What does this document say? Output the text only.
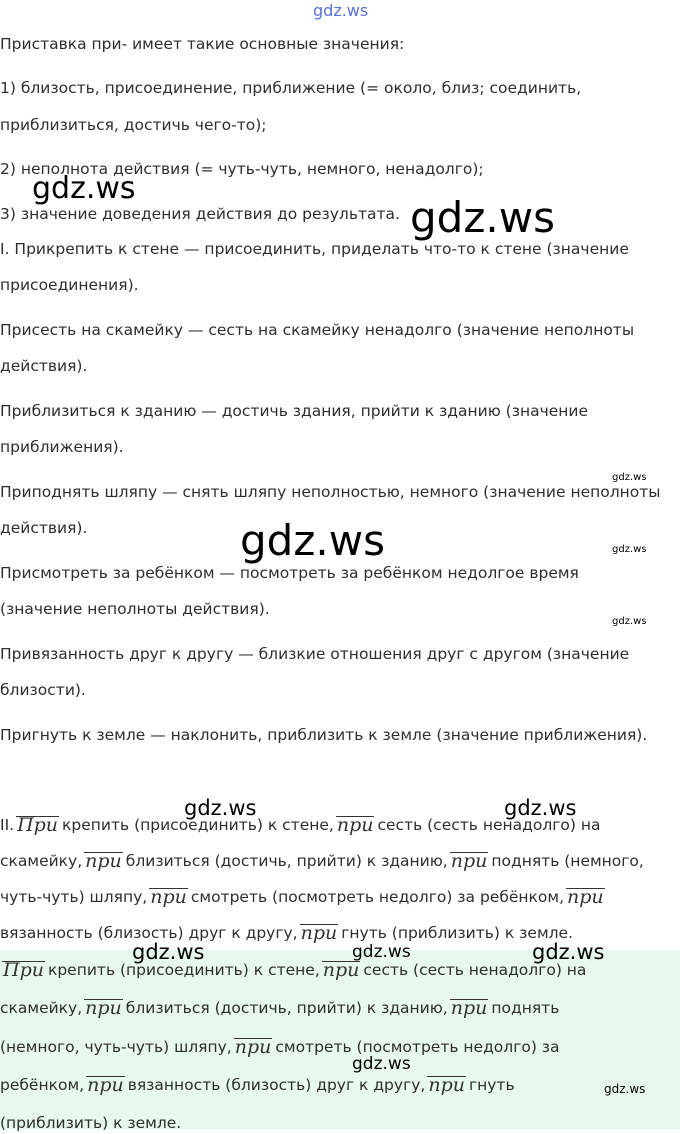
gdz.ws
gdz.ws
gdz.ws
gdz.ws
gdz.ws	gdz.ws
gdz.ws
gdz.ws	gdz.ws
gdz.ws	gdz.ws	gdz.ws
gdz.ws
gdz.ws
Приставка при- имеет такие основные значения:
1) близость, присоединение, приближение (= около, близ; соединить,
приблизиться, достичь чего-то);
2) неполнота действия (= чуть-чуть, немного, ненадолго);
3) значение доведения действия до результата.
I. Прикрепить к стене — присоединить, приделать что-то к стене (значение
присоединения).
Присесть на скамейку — сесть на скамейку ненадолго (значение неполноты
действия).
Приблизиться к зданию — достичь здания, прийти к зданию (значение
приближения).
Приподнять шляпу — снять шляпу неполностью, немного (значение неполноты
действия).
Присмотреть за ребёнком — посмотреть за ребёнком недолгое время
(значение неполноты действия).
Привязанность друг к другу — близкие отношения друг с другом (значение
близости).
Пригнуть к земле — наклонить, приблизить к земле (значение приближения).
II. При крепить (присоединить) к стене, при сесть (сесть ненадолго) на
скамейку, при близиться (достичь, прийти) к зданию, при поднять (немного,
чуть-чуть) шляпу, при смотреть (посмотреть недолго) за ребёнком, при
вязанность (близость) друг к другу, при гнуть (приблизить) к земле.
При крепить (присоединить) к стене, при сесть (сесть ненадолго) на
скамейку, при близиться (достичь, прийти) к зданию, при поднять
(немного, чуть-чуть) шляпу, при смотреть (посмотреть недолго) за
ребёнком, при вязанность (близость) друг к другу, при гнуть
(приблизить) к земле.
